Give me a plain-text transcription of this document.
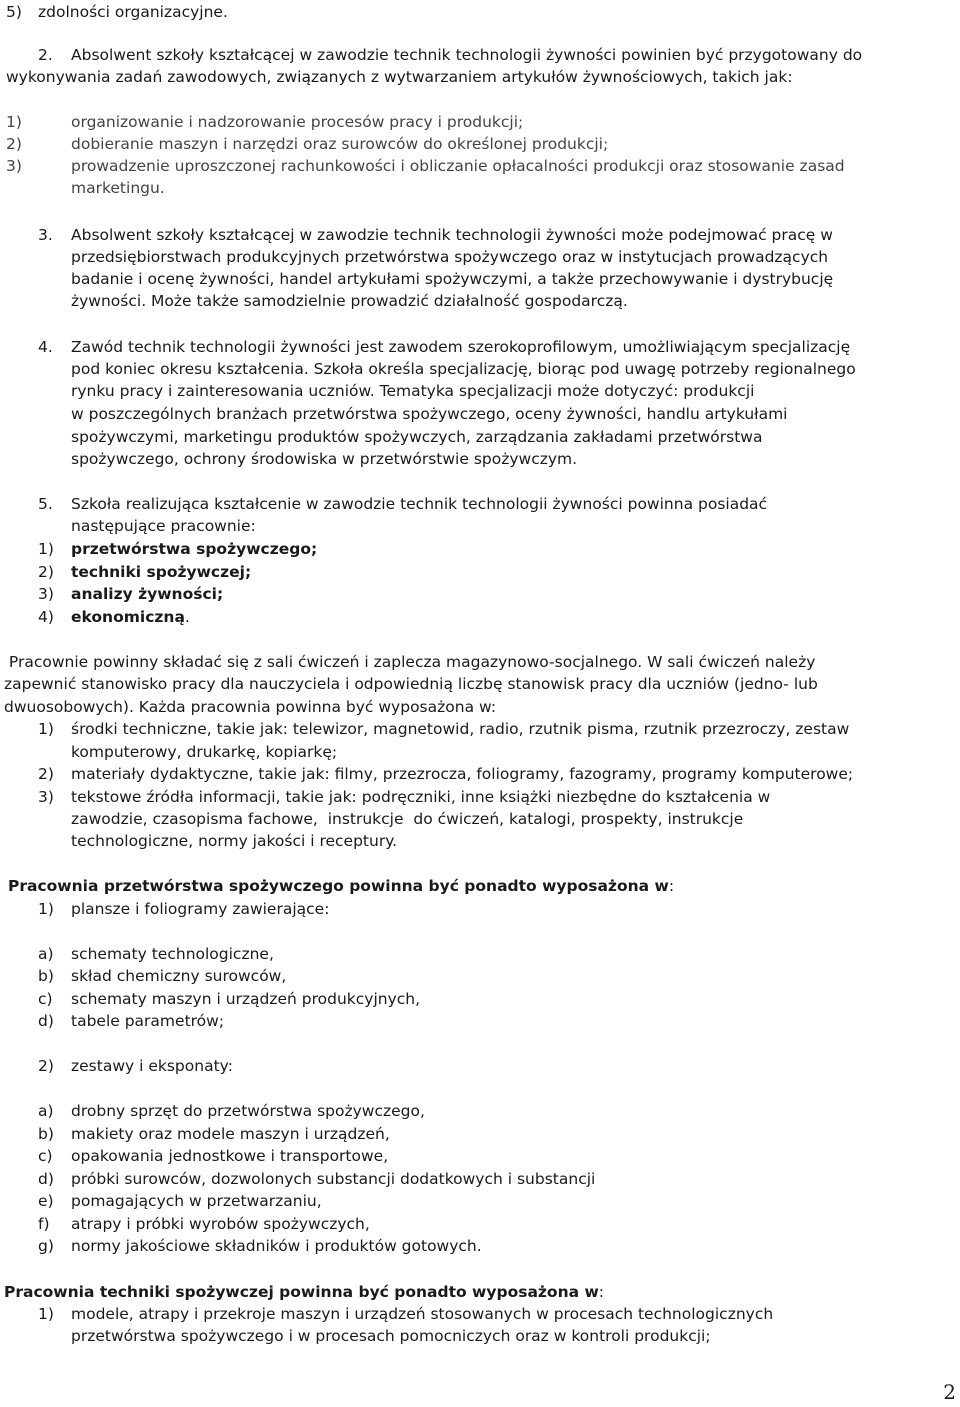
5) zdolności organizacyjne.
2. Absolwent szkoły kształcącej w zawodzie technik technologii żywności powinien być przygotowany do
wykonywania zadań zawodowych, związanych z wytwarzaniem artykułów żywnościowych, takich jak:
1)	organizowanie i nadzorowanie procesów pracy i produkcji;
2)	dobieranie maszyn i narzędzi oraz surowców do określonej produkcji;
3)	prowadzenie uproszczonej rachunkowości i obliczanie opłacalności produkcji oraz stosowanie zasad
marketingu.
3. Absolwent szkoły kształcącej w zawodzie technik technologii żywności może podejmować pracę w
przedsiębiorstwach produkcyjnych przetwórstwa spożywczego oraz w instytucjach prowadzących
badanie i ocenę żywności, handel artykułami spożywczymi, a także przechowywanie i dystrybucję
żywności. Może także samodzielnie prowadzić działalność gospodarczą.
4. Zawód technik technologii żywności jest zawodem szerokoprofilowym, umożliwiającym specjalizację
pod koniec okresu kształcenia. Szkoła określa specjalizację, biorąc pod uwagę potrzeby regionalnego
rynku pracy i zainteresowania uczniów. Tematyka specjalizacji może dotyczyć: produkcji
w poszczególnych branżach przetwórstwa spożywczego, oceny żywności, handlu artykułami
spożywczymi, marketingu produktów spożywczych, zarządzania zakładami przetwórstwa
spożywczego, ochrony środowiska w przetwórstwie spożywczym.
5. Szkoła realizująca kształcenie w zawodzie technik technologii żywności powinna posiadać
następujące pracownie:
1) przetwórstwa spożywczego;
2) techniki spożywczej;
3) analizy żywności;
4) ekonomiczną.
Pracownie powinny składać się z sali ćwiczeń i zaplecza magazynowo-socjalnego. W sali ćwiczeń należy
zapewnić stanowisko pracy dla nauczyciela i odpowiednią liczbę stanowisk pracy dla uczniów (jedno- lub
dwuosobowych). Każda pracownia powinna być wyposażona w:
1) środki techniczne, takie jak: telewizor, magnetowid, radio, rzutnik pisma, rzutnik przezroczy, zestaw
komputerowy, drukarkę, kopiarkę;
2) materiały dydaktyczne, takie jak: filmy, przezrocza, foliogramy, fazogramy, programy komputerowe;
3) tekstowe źródła informacji, takie jak: podręczniki, inne książki niezbędne do kształcenia w
zawodzie, czasopisma fachowe,  instrukcje  do ćwiczeń, katalogi, prospekty, instrukcje
technologiczne, normy jakości i receptury.
Pracownia przetwórstwa spożywczego powinna być ponadto wyposażona w:
1) plansze i foliogramy zawierające:
a) schematy technologiczne,
b) skład chemiczny surowców,
c) schematy maszyn i urządzeń produkcyjnych,
d) tabele parametrów;
2) zestawy i eksponaty:
a) drobny sprzęt do przetwórstwa spożywczego,
b) makiety oraz modele maszyn i urządzeń,
c) opakowania jednostkowe i transportowe,
d) próbki surowców, dozwolonych substancji dodatkowych i substancji
e) pomagających w przetwarzaniu,
f) atrapy i próbki wyrobów spożywczych,
g) normy jakościowe składników i produktów gotowych.
Pracownia techniki spożywczej powinna być ponadto wyposażona w:
1) modele, atrapy i przekroje maszyn i urządzeń stosowanych w procesach technologicznych
przetwórstwa spożywczego i w procesach pomocniczych oraz w kontroli produkcji;
2
